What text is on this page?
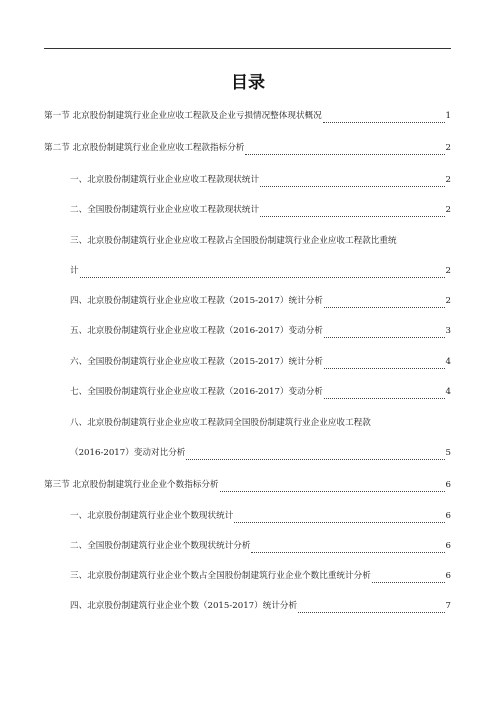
目录
第一节 北京股份制建筑行业企业应收工程款及企业亏损情况整体现状概况	1
第二节 北京股份制建筑行业企业应收工程款指标分析	2
一、北京股份制建筑行业企业应收工程款现状统计	2
二、全国股份制建筑行业企业应收工程款现状统计	2
三、北京股份制建筑行业企业应收工程款占全国股份制建筑行业企业应收工程款比重统
计	2
四、北京股份制建筑行业企业应收工程款（2015-2017）统计分析	2
五、北京股份制建筑行业企业应收工程款（2016-2017）变动分析	3
六、全国股份制建筑行业企业应收工程款（2015-2017）统计分析	4
七、全国股份制建筑行业企业应收工程款（2016-2017）变动分析	4
八、北京股份制建筑行业企业应收工程款同全国股份制建筑行业企业应收工程款
（2016-2017）变动对比分析	5
第三节 北京股份制建筑行业企业个数指标分析	6
一、北京股份制建筑行业企业个数现状统计	6
二、全国股份制建筑行业企业个数现状统计分析	6
三、北京股份制建筑行业企业个数占全国股份制建筑行业企业个数比重统计分析	6
四、北京股份制建筑行业企业个数（2015-2017）统计分析	7
